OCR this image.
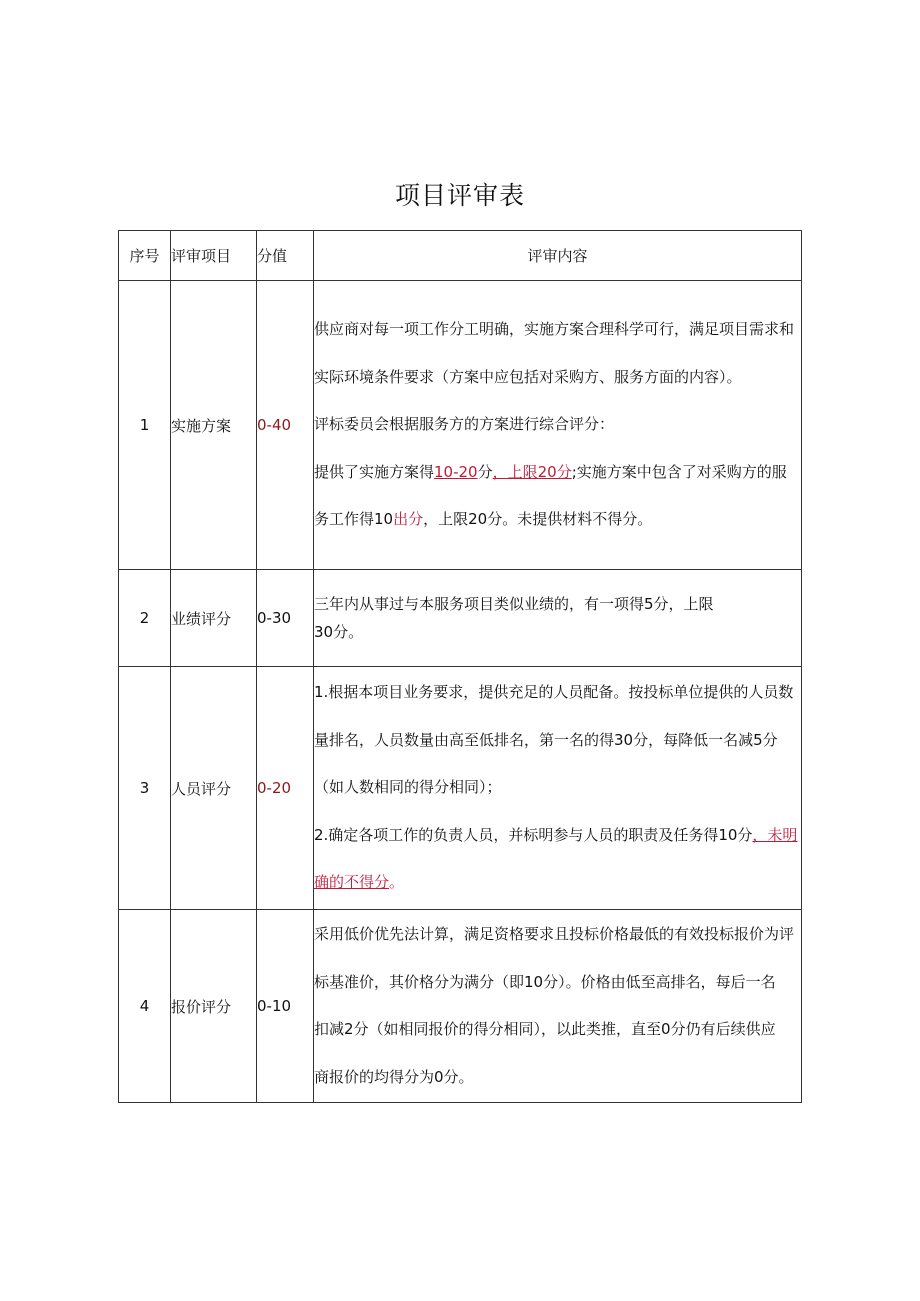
项目评审表
序号	评审项目	分值	评审内容
1	实施方案	0-40	供应商对每一项工作分工明确，实施方案合理科学可行，满足项目需求和
实际环境条件要求（方案中应包括对采购方、服务方面的内容）。
评标委员会根据服务方的方案进行综合评分：
提供了实施方案得10-20分，上限20分;实施方案中包含了对采购方的服
务工作得10出分，上限20分。未提供材料不得分。

2	业绩评分	0-30	三年内从事过与本服务项目类似业绩的，有一项得5分，上限
30分。

3	人员评分	0-20	1.根据本项目业务要求，提供充足的人员配备。按投标单位提供的人员数
量排名，人员数量由高至低排名，第一名的得30分，每降低一名减5分
（如人数相同的得分相同）；
2.确定各项工作的负责人员，并标明参与人员的职责及任务得10分，未明
确的不得分。

4	报价评分	0-10	采用低价优先法计算，满足资格要求且投标价格最低的有效投标报价为评
标基准价，其价格分为满分（即10分）。价格由低至高排名，每后一名
扣减2分（如相同报价的得分相同），以此类推，直至0分仍有后续供应
商报价的均得分为0分。
